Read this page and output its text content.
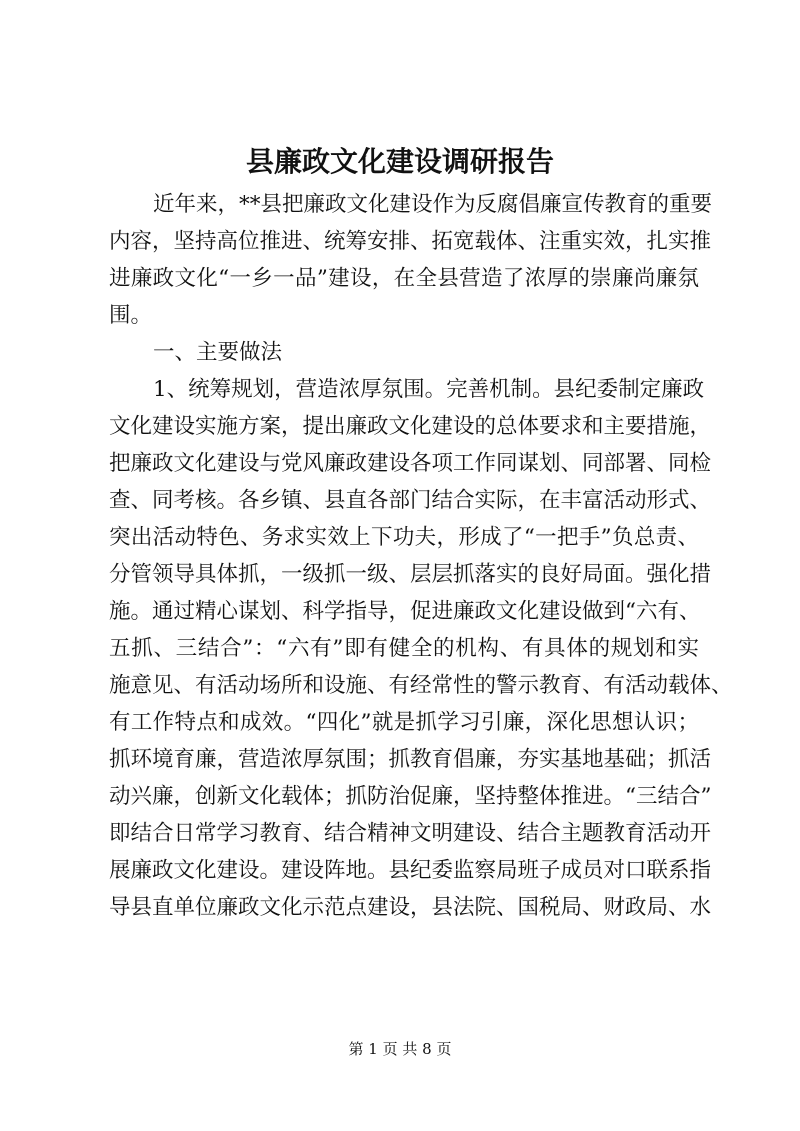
县廉政文化建设调研报告
近年来，**县把廉政文化建设作为反腐倡廉宣传教育的重要
内容，坚持高位推进、统筹安排、拓宽载体、注重实效，扎实推
进廉政文化“一乡一品”建设，在全县营造了浓厚的崇廉尚廉氛
围。
一、主要做法
1、统筹规划，营造浓厚氛围。完善机制。县纪委制定廉政
文化建设实施方案，提出廉政文化建设的总体要求和主要措施，
把廉政文化建设与党风廉政建设各项工作同谋划、同部署、同检
查、同考核。各乡镇、县直各部门结合实际，在丰富活动形式、
突出活动特色、务求实效上下功夫，形成了“一把手”负总责、
分管领导具体抓，一级抓一级、层层抓落实的良好局面。强化措
施。通过精心谋划、科学指导，促进廉政文化建设做到“六有、
五抓、三结合”：“六有”即有健全的机构、有具体的规划和实
施意见、有活动场所和设施、有经常性的警示教育、有活动载体、
有工作特点和成效。“四化”就是抓学习引廉，深化思想认识；
抓环境育廉，营造浓厚氛围；抓教育倡廉，夯实基地基础；抓活
动兴廉，创新文化载体；抓防治促廉，坚持整体推进。“三结合”
即结合日常学习教育、结合精神文明建设、结合主题教育活动开
展廉政文化建设。建设阵地。县纪委监察局班子成员对口联系指
导县直单位廉政文化示范点建设，县法院、国税局、财政局、水
第 1 页 共 8 页
